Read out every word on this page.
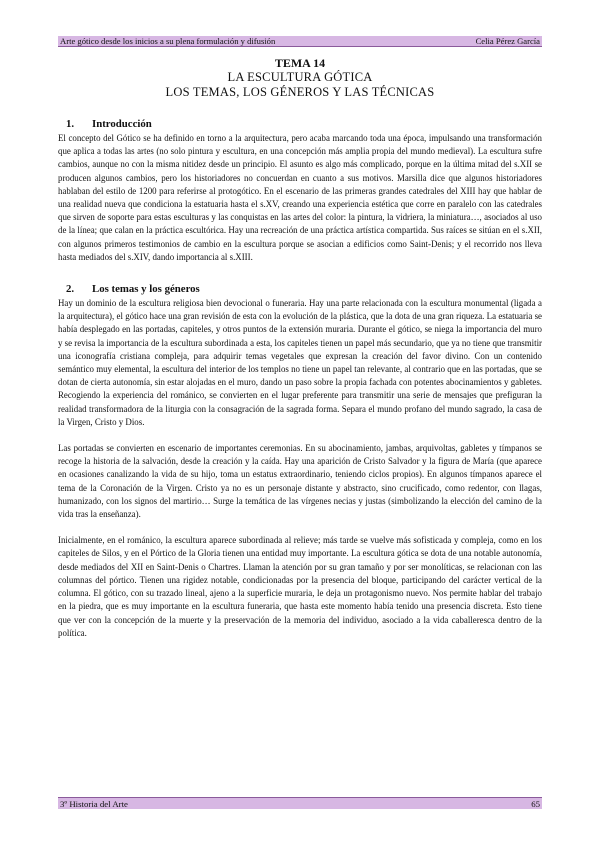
Arte gótico desde los inicios a su plena formulación y difusión	Celia Pérez García
TEMA 14
LA ESCULTURA GÓTICA
LOS TEMAS, LOS GÉNEROS Y LAS TÉCNICAS
1.	Introducción

El concepto del Gótico se ha definido en torno a la arquitectura, pero acaba marcando toda una época, impulsando una transformación que aplica a todas las artes (no solo pintura y escultura, en una concepción más amplia propia del mundo medieval). La escultura sufre cambios, aunque no con la misma nitidez desde un principio. El asunto es algo más complicado, porque en la última mitad del s.XII se producen algunos cambios, pero los historiadores no concuerdan en cuanto a sus motivos. Marsilla dice que algunos historiadores hablaban del estilo de 1200 para referirse al protogótico. En el escenario de las primeras grandes catedrales del XIII hay que hablar de una realidad nueva que condiciona la estatuaria hasta el s.XV, creando una experiencia estética que corre en paralelo con las catedrales que sirven de soporte para estas esculturas y las conquistas en las artes del color: la pintura, la vidriera, la miniatura…, asociados al uso de la línea; que calan en la práctica escultórica. Hay una recreación de una práctica artística compartida. Sus raíces se sitúan en el s.XII, con algunos primeros testimonios de cambio en la escultura porque se asocian a edificios como Saint-Denis; y el recorrido nos lleva hasta mediados del s.XIV, dando importancia al s.XIII.

2.	Los temas y los géneros

Hay un dominio de la escultura religiosa bien devocional o funeraria. Hay una parte relacionada con la escultura monumental (ligada a la arquitectura), el gótico hace una gran revisión de esta con la evolución de la plástica, que la dota de una gran riqueza. La estatuaria se había desplegado en las portadas, capiteles, y otros puntos de la extensión muraria. Durante el gótico, se niega la importancia del muro y se revisa la importancia de la escultura subordinada a esta, los capiteles tienen un papel más secundario, que ya no tiene que transmitir una iconografía cristiana compleja, para adquirir temas vegetales que expresan la creación del favor divino. Con un contenido semántico muy elemental, la escultura del interior de los templos no tiene un papel tan relevante, al contrario que en las portadas, que se dotan de cierta autonomía, sin estar alojadas en el muro, dando un paso sobre la propia fachada con potentes abocinamientos y gabletes. Recogiendo la experiencia del románico, se convierten en el lugar preferente para transmitir una serie de mensajes que prefiguran la realidad transformadora de la liturgia con la consagración de la sagrada forma. Separa el mundo profano del mundo sagrado, la casa de la Virgen, Cristo y Dios.

Las portadas se convierten en escenario de importantes ceremonias. En su abocinamiento, jambas, arquivoltas, gabletes y tímpanos se recoge la historia de la salvación, desde la creación y la caída. Hay una aparición de Cristo Salvador y la figura de María (que aparece en ocasiones canalizando la vida de su hijo, toma un estatus extraordinario, teniendo ciclos propios). En algunos tímpanos aparece el tema de la Coronación de la Virgen. Cristo ya no es un personaje distante y abstracto, sino crucificado, como redentor, con llagas, humanizado, con los signos del martirio… Surge la temática de las vírgenes necias y justas (simbolizando la elección del camino de la vida tras la enseñanza).

Inicialmente, en el románico, la escultura aparece subordinada al relieve; más tarde se vuelve más sofisticada y compleja, como en los capiteles de Silos, y en el Pórtico de la Gloria tienen una entidad muy importante. La escultura gótica se dota de una notable autonomía, desde mediados del XII en Saint-Denis o Chartres. Llaman la atención por su gran tamaño y por ser monolíticas, se relacionan con las columnas del pórtico. Tienen una rigidez notable, condicionadas por la presencia del bloque, participando del carácter vertical de la columna. El gótico, con su trazado lineal, ajeno a la superficie muraria, le deja un protagonismo nuevo. Nos permite hablar del trabajo en la piedra, que es muy importante en la escultura funeraria, que hasta este momento había tenido una presencia discreta. Esto tiene que ver con la concepción de la muerte y la preservación de la memoria del individuo, asociado a la vida caballeresca dentro de la política.

3º Historia del Arte	65
